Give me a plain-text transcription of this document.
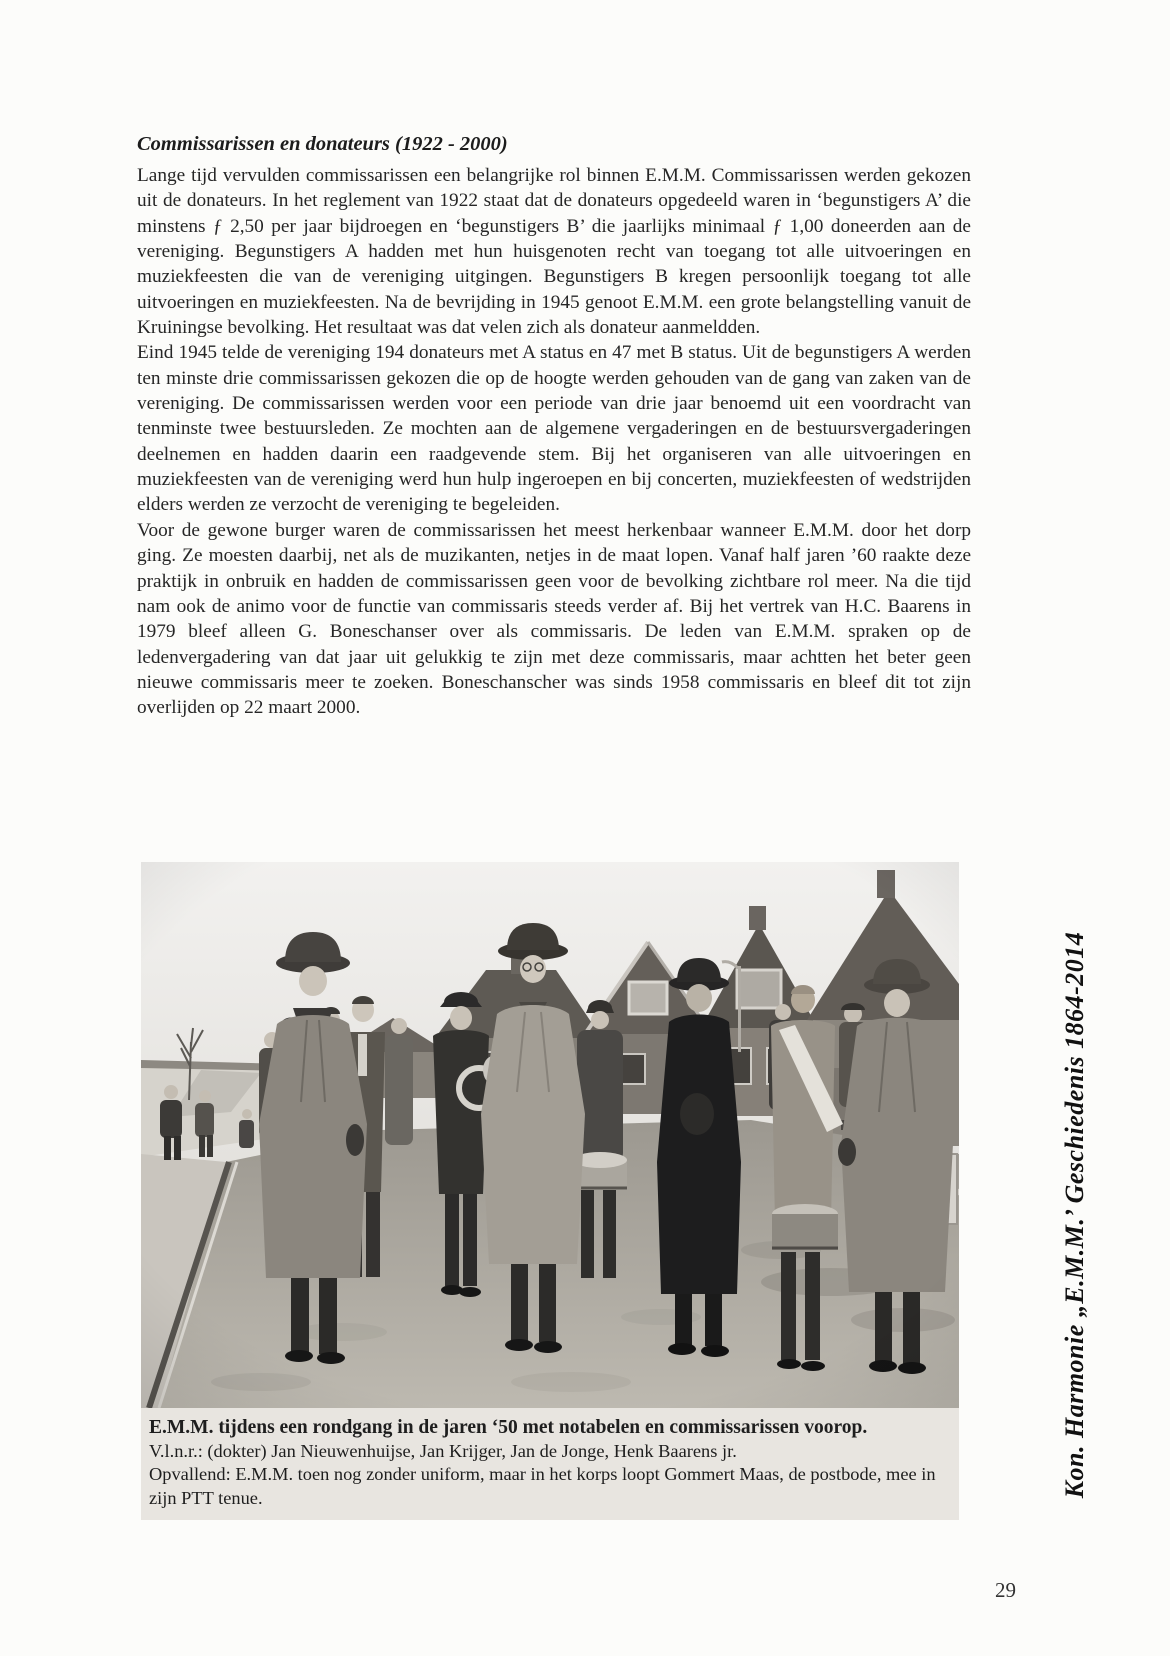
Commissarissen en donateurs (1922 - 2000)

Lange tijd vervulden commissarissen een belangrijke rol binnen E.M.M. Commissarissen werden gekozen uit de donateurs. In het reglement van 1922 staat dat de donateurs opgedeeld waren in ‘begunstigers A’ die minstens ƒ 2,50 per jaar bijdroegen en ‘begunstigers B’ die jaarlijks minimaal ƒ 1,00 doneerden aan de vereniging. Begunstigers A hadden met hun huisgenoten recht van toegang tot alle uitvoeringen en muziekfeesten die van de vereniging uitgingen. Begunstigers B kregen persoonlijk toegang tot alle uitvoeringen en muziekfeesten. Na de bevrijding in 1945 genoot E.M.M. een grote belangstelling vanuit de Kruiningse bevolking. Het resultaat was dat velen zich als donateur aanmeldden.

Eind 1945 telde de vereniging 194 donateurs met A status en 47 met B status. Uit de begunstigers A werden ten minste drie commissarissen gekozen die op de hoogte werden gehouden van de gang van zaken van de vereniging. De commissarissen werden voor een periode van drie jaar benoemd uit een voordracht van tenminste twee bestuursleden. Ze mochten aan de algemene vergaderingen en de bestuursvergaderingen deelnemen en hadden daarin een raadgevende stem. Bij het organiseren van alle uitvoeringen en muziekfeesten van de vereniging werd hun hulp ingeroepen en bij concerten, muziekfeesten of wedstrijden elders werden ze verzocht de vereniging te begeleiden.

Voor de gewone burger waren de commissarissen het meest herkenbaar wanneer E.M.M. door het dorp ging. Ze moesten daarbij, net als de muzikanten, netjes in de maat lopen. Vanaf half jaren ’60 raakte deze praktijk in onbruik en hadden de commissarissen geen voor de bevolking zichtbare rol meer. Na die tijd nam ook de animo voor de functie van commissaris steeds verder af. Bij het vertrek van H.C. Baarens in 1979 bleef alleen G. Boneschanser over als commissaris. De leden van E.M.M. spraken op de ledenvergadering van dat jaar uit gelukkig te zijn met deze commissaris, maar achtten het beter geen nieuwe commissaris meer te zoeken. Boneschanscher was sinds 1958 commissaris en bleef dit tot zijn overlijden op 22 maart 2000.

E.M.M. tijdens een rondgang in de jaren ‘50 met notabelen en commissarissen voorop.

V.l.n.r.: (dokter) Jan Nieuwenhuijse, Jan Krijger, Jan de Jonge, Henk Baarens jr.

Opvallend: E.M.M. toen nog zonder uniform, maar in het korps loopt Gommert Maas, de postbode, mee in zijn PTT tenue.	Kon. Harmonie „E.M.M.’ Geschiedenis 1864-2014
29
